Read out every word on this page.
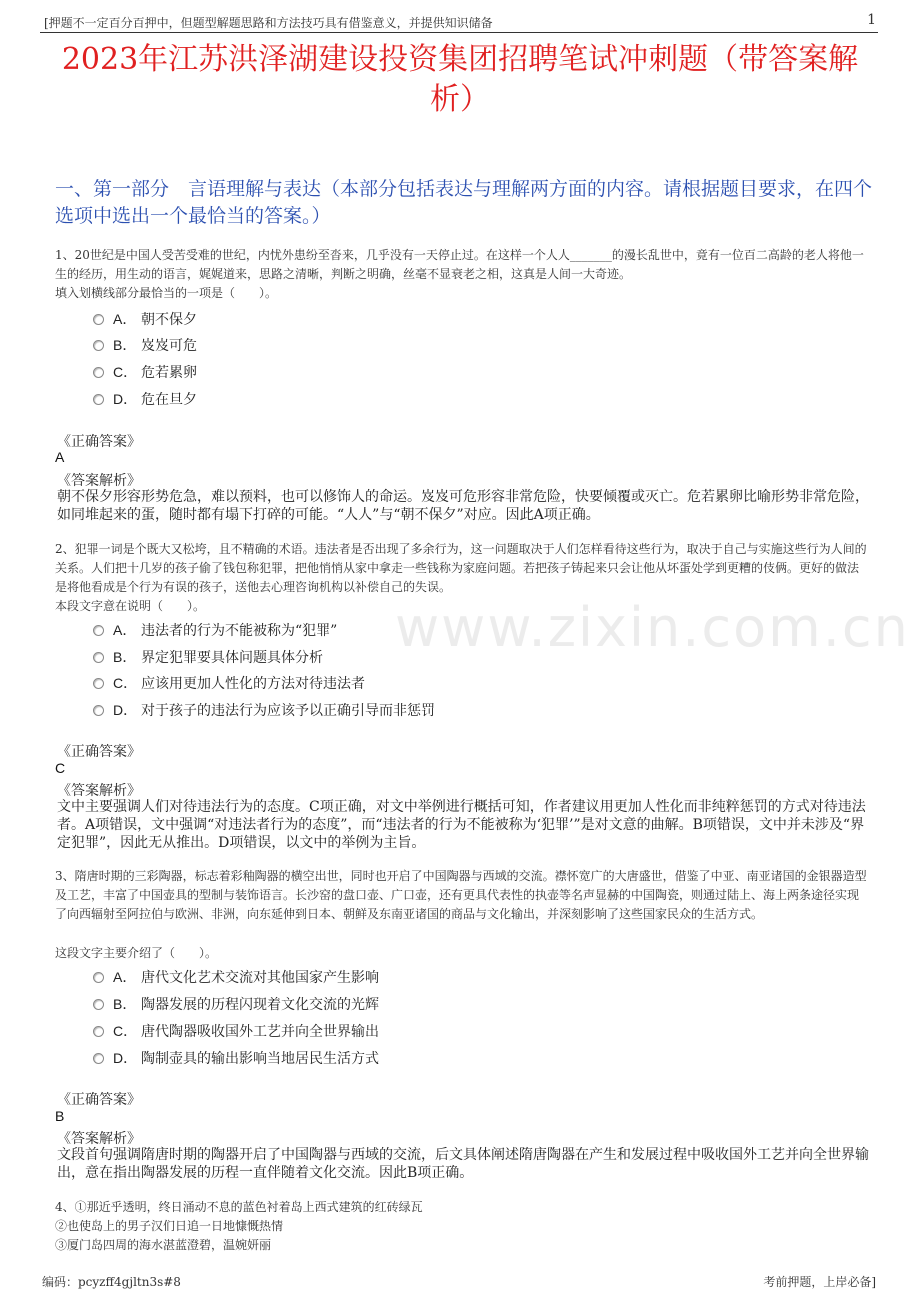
[押题不一定百分百押中，但题型解题思路和方法技巧具有借鉴意义，并提供知识储备	1
2023年江苏洪泽湖建设投资集团招聘笔试冲刺题（带答案解析）
一、第一部分　言语理解与表达（本部分包括表达与理解两方面的内容。请根据题目要求，在四个选项中选出一个最恰当的答案。）
www.zixin.com.cn
1、20世纪是中国人受苦受难的世纪，内忧外患纷至沓来，几乎没有一天停止过。在这样一个人人_______的漫长乱世中，竟有一位百二高龄的老人将他一生的经历，用生动的语言，娓娓道来，思路之清晰，判断之明确，丝毫不显衰老之相，这真是人间一大奇迹。
填入划横线部分最恰当的一项是（　　）。
A． 朝不保夕
B． 岌岌可危
C． 危若累卵
D． 危在旦夕
《正确答案》
A
《答案解析》
朝不保夕形容形势危急，难以预料，也可以修饰人的命运。岌岌可危形容非常危险，快要倾覆或灭亡。危若累卵比喻形势非常危险，如同堆起来的蛋，随时都有塌下打碎的可能。“人人”与“朝不保夕”对应。因此A项正确。
2、犯罪一词是个既大又松垮，且不精确的术语。违法者是否出现了多余行为，这一问题取决于人们怎样看待这些行为，取决于自己与实施这些行为人间的关系。人们把十几岁的孩子偷了钱包称犯罪，把他悄悄从家中拿走一些钱称为家庭问题。若把孩子铸起来只会让他从坏蛋处学到更糟的伎俩。更好的做法是将他看成是个行为有误的孩子，送他去心理咨询机构以补偿自己的失误。
本段文字意在说明（　　）。
A． 违法者的行为不能被称为“犯罪”
B． 界定犯罪要具体问题具体分析
C． 应该用更加人性化的方法对待违法者
D． 对于孩子的违法行为应该予以正确引导而非惩罚
《正确答案》
C
《答案解析》
文中主要强调人们对待违法行为的态度。C项正确，对文中举例进行概括可知，作者建议用更加人性化而非纯粹惩罚的方式对待违法者。A项错误，文中强调“对违法者行为的态度”，而“违法者的行为不能被称为‘犯罪’”是对文意的曲解。B项错误，文中并未涉及“界定犯罪”，因此无从推出。D项错误，以文中的举例为主旨。
3、隋唐时期的三彩陶器，标志着彩釉陶器的横空出世，同时也开启了中国陶器与西域的交流。襟怀宽广的大唐盛世，借鉴了中亚、南亚诸国的金银器造型及工艺，丰富了中国壶具的型制与装饰语言。长沙窑的盘口壶、广口壶，还有更具代表性的执壶等名声显赫的中国陶瓷，则通过陆上、海上两条途径实现了向西辐射至阿拉伯与欧洲、非洲，向东延伸到日本、朝鲜及东南亚诸国的商品与文化输出，并深刻影响了这些国家民众的生活方式。
这段文字主要介绍了（　　）。
A． 唐代文化艺术交流对其他国家产生影响
B． 陶器发展的历程闪现着文化交流的光辉
C． 唐代陶器吸收国外工艺并向全世界输出
D． 陶制壶具的输出影响当地居民生活方式
《正确答案》
B
《答案解析》
文段首句强调隋唐时期的陶器开启了中国陶器与西域的交流，后文具体阐述隋唐陶器在产生和发展过程中吸收国外工艺并向全世界输出，意在指出陶器发展的历程一直伴随着文化交流。因此B项正确。
4、①那近乎透明，终日涌动不息的蓝色衬着岛上西式建筑的红砖绿瓦
②也使岛上的男子汉们日追一日地慷慨热情
③厦门岛四周的海水湛蓝澄碧，温婉妍丽
编码：pcyzff4gjltn3s#8	考前押题，上岸必备]
